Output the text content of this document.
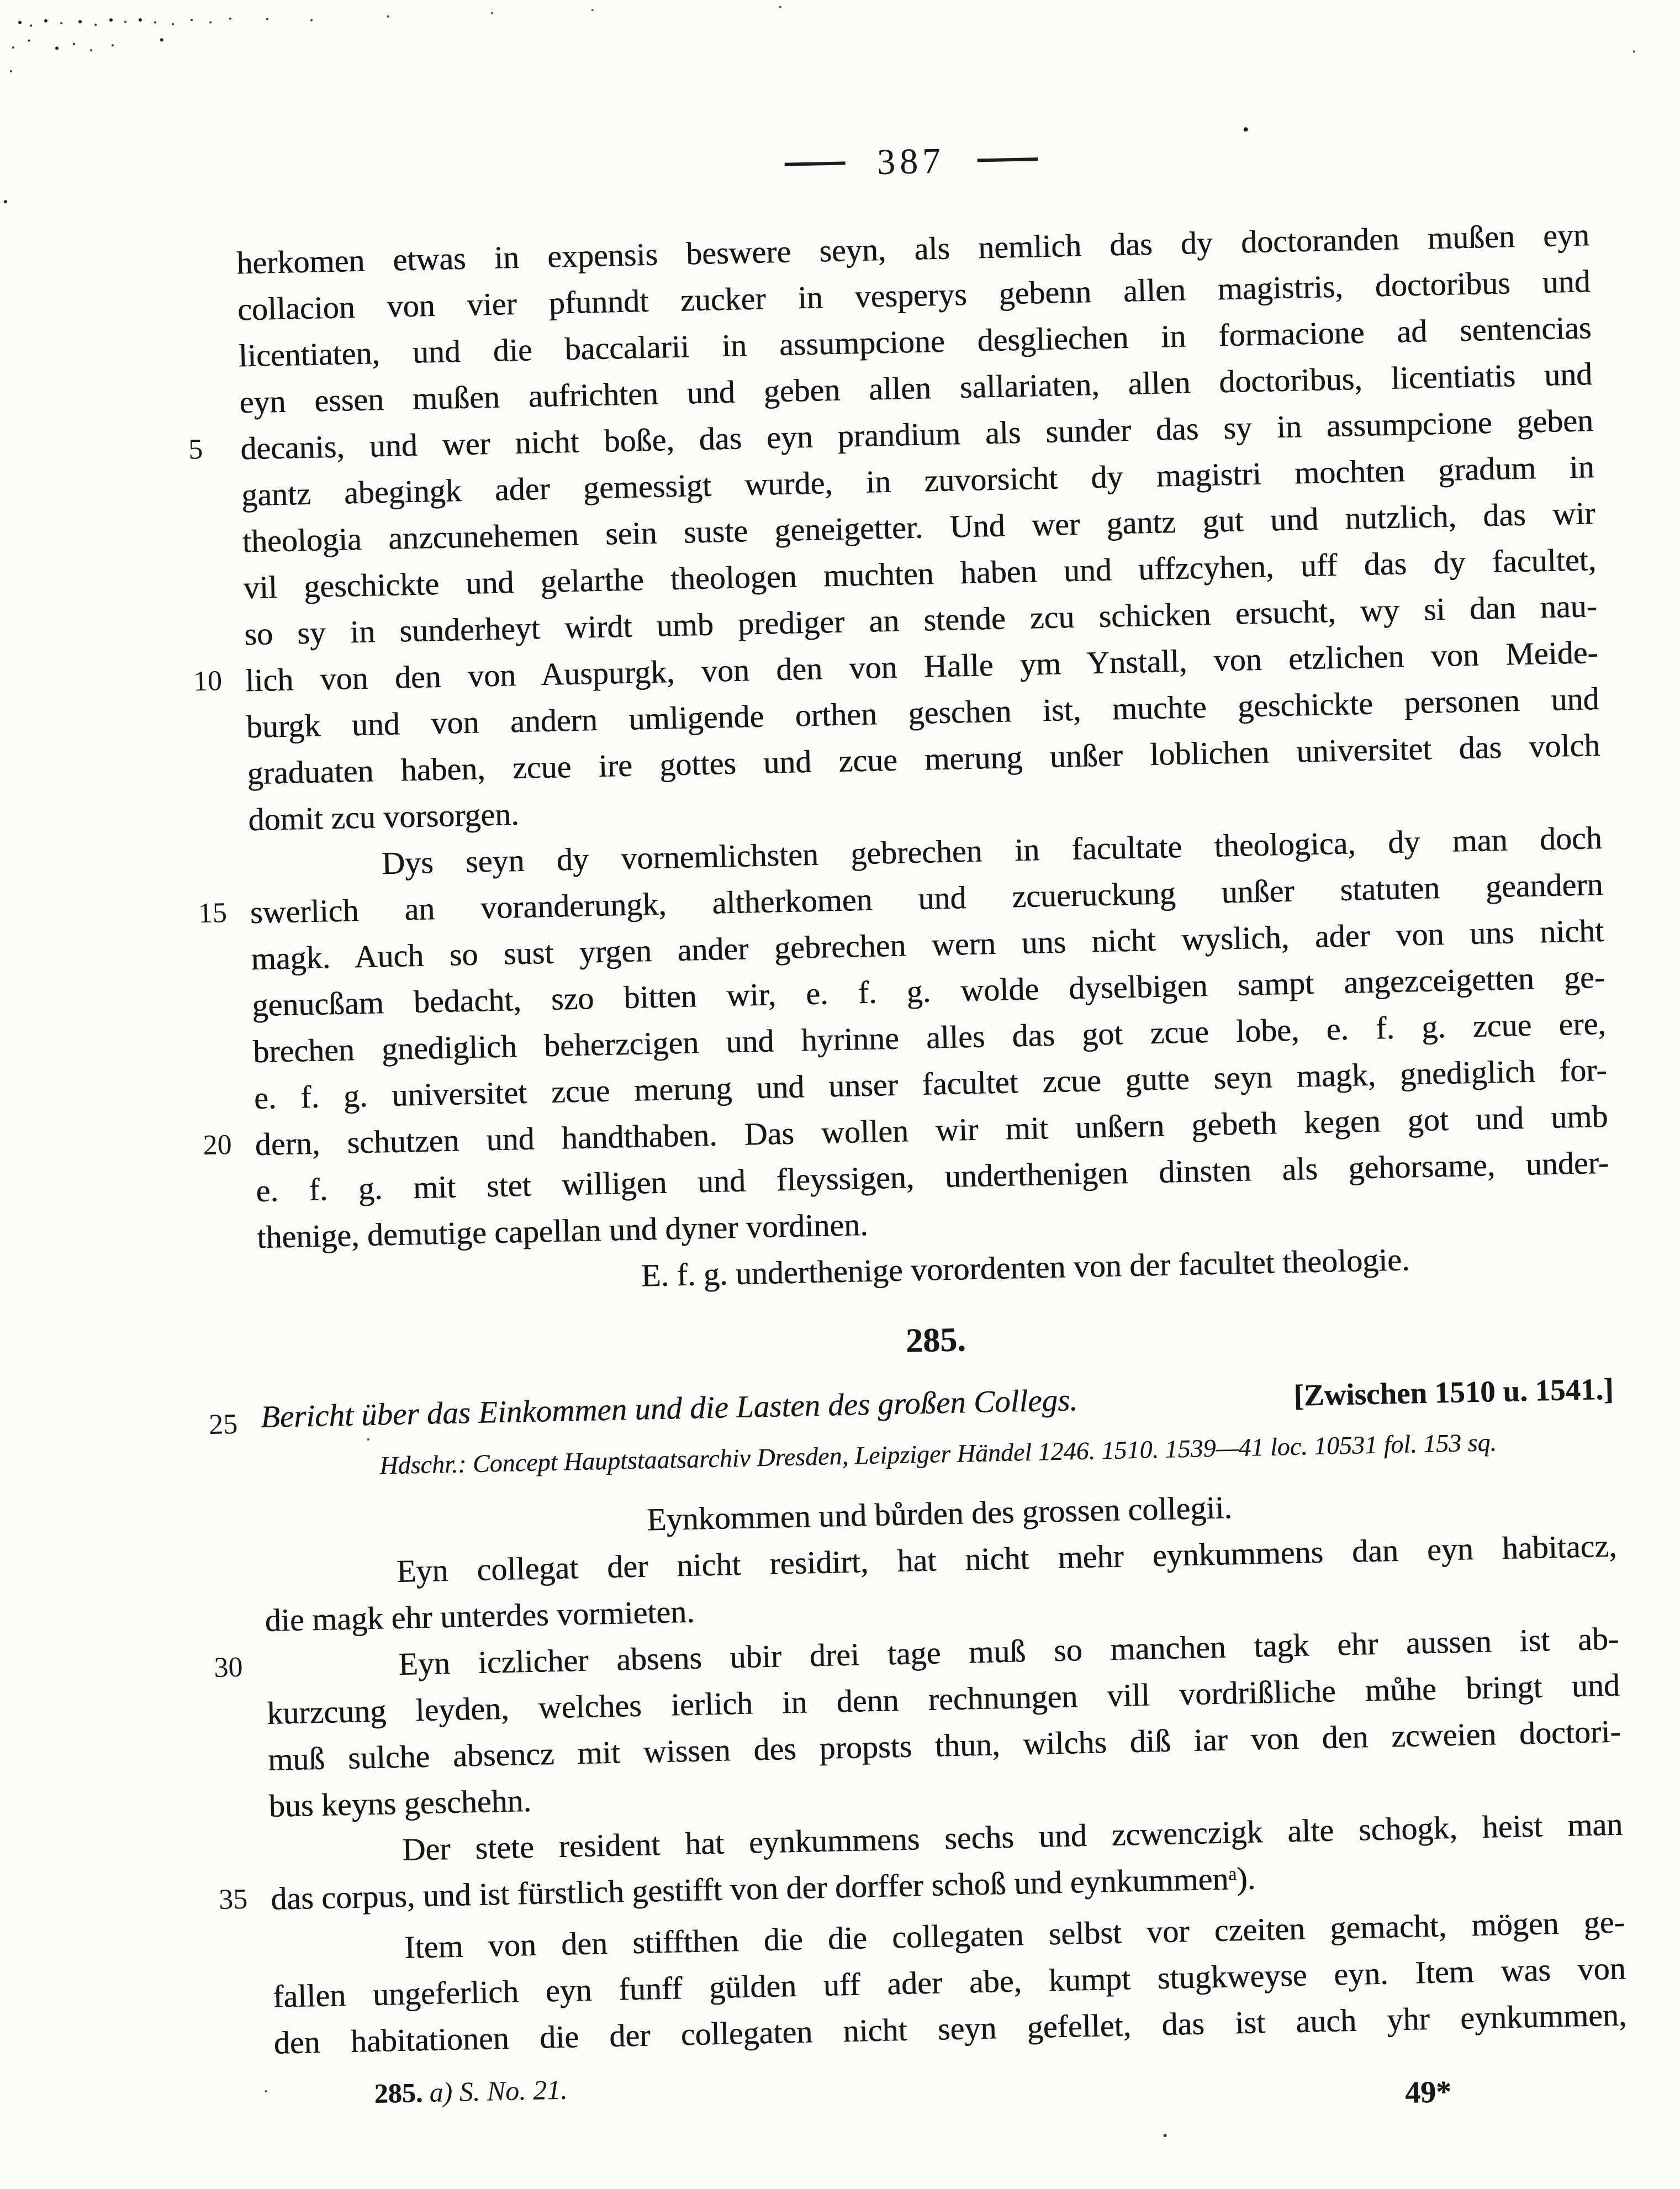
387
herkomen etwas in expensis beswere seyn, als nemlich das dy doctoranden mußen eyn
collacion von vier pfunndt zucker in vesperys gebenn allen magistris, doctoribus und
licentiaten, und die baccalarii in assumpcione desgliechen in formacione ad sentencias
eyn essen mußen aufrichten und geben allen sallariaten, allen doctoribus, licentiatis und
5 decanis, und wer nicht boße, das eyn prandium als sunder das sy in assumpcione geben
gantz abegingk ader gemessigt wurde, in zuvorsicht dy magistri mochten gradum in
theologia anzcunehemen sein suste geneigetter. Und wer gantz gut und nutzlich, das wir
vil geschickte und gelarthe theologen muchten haben und uffzcyhen, uff das dy facultet,
so sy in sunderheyt wirdt umb prediger an stende zcu schicken ersucht, wy si dan nau-
10 lich von den von Auspurgk, von den von Halle ym Ynstall, von etzlichen von Meide-
burgk und von andern umligende orthen geschen ist, muchte geschickte personen und
graduaten haben, zcue ire gottes und zcue merung unßer loblichen universitet das volch
domit zcu vorsorgen.
Dys seyn dy vornemlichsten gebrechen in facultate theologica, dy man doch
15 swerlich an voranderungk, altherkomen und zcueruckung unßer statuten geandern
magk. Auch so sust yrgen ander gebrechen wern uns nicht wyslich, ader von uns nicht
genucßam bedacht, szo bitten wir, e. f. g. wolde dyselbigen sampt angezceigetten ge-
brechen gnediglich beherzcigen und hyrinne alles das got zcue lobe, e. f. g. zcue ere,
e. f. g. universitet zcue merung und unser facultet zcue gutte seyn magk, gnediglich for-
20 dern, schutzen und handthaben. Das wollen wir mit unßern gebeth kegen got und umb
e. f. g. mit stet willigen und fleyssigen, underthenigen dinsten als gehorsame, under-
thenige, demutige capellan und dyner vordinen.
E. f. g. underthenige vorordenten von der facultet theologie.
285.
25 Bericht über das Einkommen und die Lasten des großen Collegs.	[Zwischen 1510 u. 1541.]
Hdschr.: Concept Hauptstaatsarchiv Dresden, Leipziger Händel 1246. 1510. 1539—41 loc. 10531 fol. 153 sq.
Eynkommen und bůrden des grossen collegii.
Eyn collegat der nicht residirt, hat nicht mehr eynkummens dan eyn habitacz,
die magk ehr unterdes vormieten.
30	Eyn iczlicher absens ubir drei tage muß so manchen tagk ehr aussen ist ab-
kurzcung leyden, welches ierlich in denn rechnungen vill vordrißliche můhe bringt und
muß sulche absencz mit wissen des propsts thun, wilchs diß iar von den zcweien doctori-
bus keyns geschehn.
Der stete resident hat eynkummens sechs und zcwenczigk alte schogk, heist man
35 das corpus, und ist fürstlich gestifft von der dorffer schoß und eynkummen$^a$).
Item von den stiffthen die die collegaten selbst vor czeiten gemacht, mögen ge-
fallen ungeferlich eyn funff gülden uff ader abe, kumpt stugkweyse eyn. Item was von
den habitationen die der collegaten nicht seyn gefellet, das ist auch yhr eynkummen,
285. a) S. No. 21.	49*
